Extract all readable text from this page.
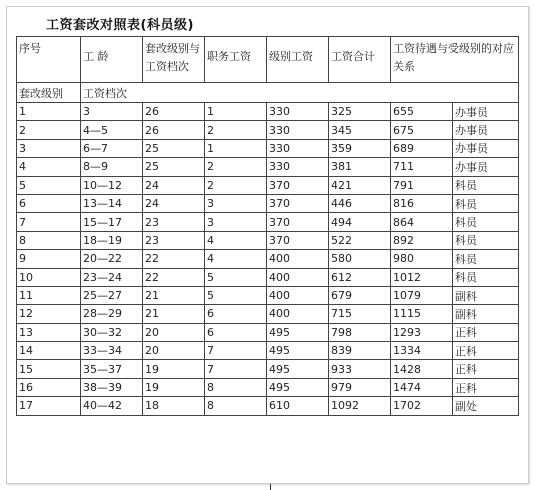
工资套改对照表(科员级)
序号	工 龄	套改级别与工资档次	职务工资	级别工资	工资合计	工资待遇与受级别的对应关系	
套改级别	工资档次						
1	3	26	1	330	325	655	办事员
2	4—5	26	2	330	345	675	办事员
3	6—7	25	1	330	359	689	办事员
4	8—9	25	2	330	381	711	办事员
5	10—12	24	2	370	421	791	科员
6	13—14	24	3	370	446	816	科员
7	15—17	23	3	370	494	864	科员
8	18—19	23	4	370	522	892	科员
9	20—22	22	4	400	580	980	科员
10	23—24	22	5	400	612	1012	科员
11	25—27	21	5	400	679	1079	副科
12	28—29	21	6	400	715	1115	副科
13	30—32	20	6	495	798	1293	正科
14	33—34	20	7	495	839	1334	正科
15	35—37	19	7	495	933	1428	正科
16	38—39	19	8	495	979	1474	正科
17	40—42	18	8	610	1092	1702	副处
